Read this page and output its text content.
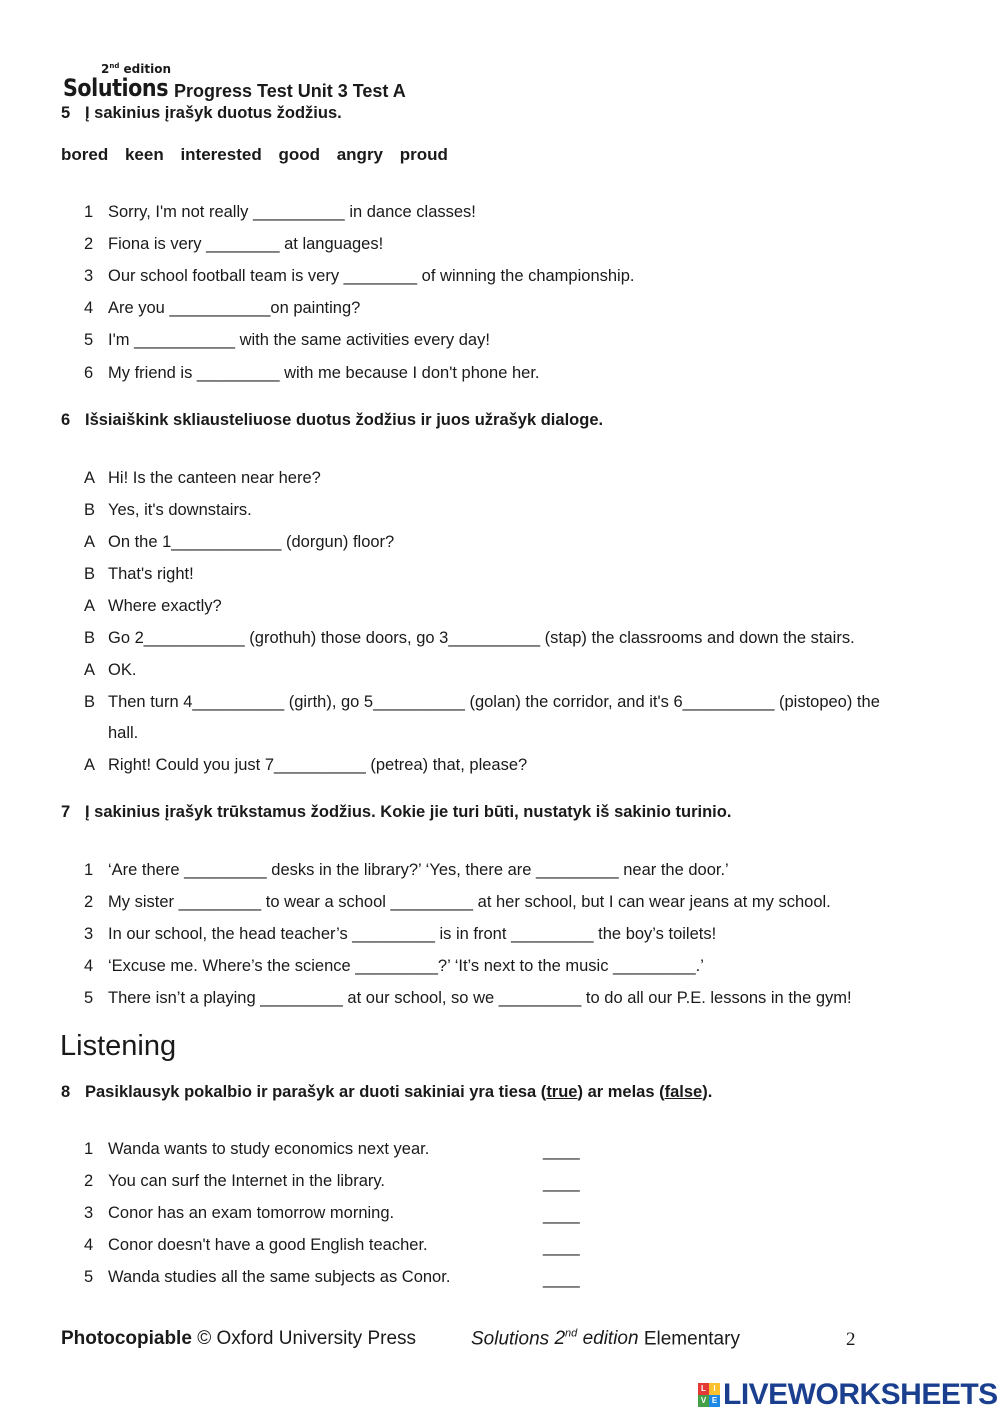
2nd edition
Solutions Progress Test Unit 3 Test A
5 Į sakinius įrašyk duotus žodžius.
bored keen interested good angry proud
1 Sorry, I'm not really __________ in dance classes!
2 Fiona is very ________ at languages!
3 Our school football team is very ________ of winning the championship.
4 Are you ___________on painting?
5 I'm ___________ with the same activities every day!
6 My friend is _________ with me because I don't phone her.
6 Išsiaiškink skliausteliuose duotus žodžius ir juos užrašyk dialoge.
A Hi! Is the canteen near here?
B Yes, it's downstairs.
A On the 1____________ (dorgun) floor?
B That's right!
A Where exactly?
B Go 2___________ (grothuh) those doors, go 3__________ (stap) the classrooms and down the stairs.
A OK.
B Then turn 4__________ (girth), go 5__________ (golan) the corridor, and it's 6__________ (pistopeo) the
hall.
A Right! Could you just 7__________ (petrea) that, please?
7 Į sakinius įrašyk trūkstamus žodžius. Kokie jie turi būti, nustatyk iš sakinio turinio.
1 ‘Are there _________ desks in the library?’ ‘Yes, there are _________ near the door.’
2 My sister _________ to wear a school _________ at her school, but I can wear jeans at my school.
3 In our school, the head teacher’s _________ is in front _________ the boy’s toilets!
4 ‘Excuse me. Where’s the science _________?’ ‘It’s next to the music _________.’
5 There isn’t a playing _________ at our school, so we _________ to do all our P.E. lessons in the gym!
Listening
8 Pasiklausyk pokalbio ir parašyk ar duoti sakiniai yra tiesa (true) ar melas (false).
1 Wanda wants to study economics next year.
2 You can surf the Internet in the library.
3 Conor has an exam tomorrow morning.
4 Conor doesn't have a good English teacher.
5 Wanda studies all the same subjects as Conor.
____
____
____
____
____
Photocopiable © Oxford University Press	Solutions 2nd edition Elementary	2
L I
V E LIVEWORKSHEETS
